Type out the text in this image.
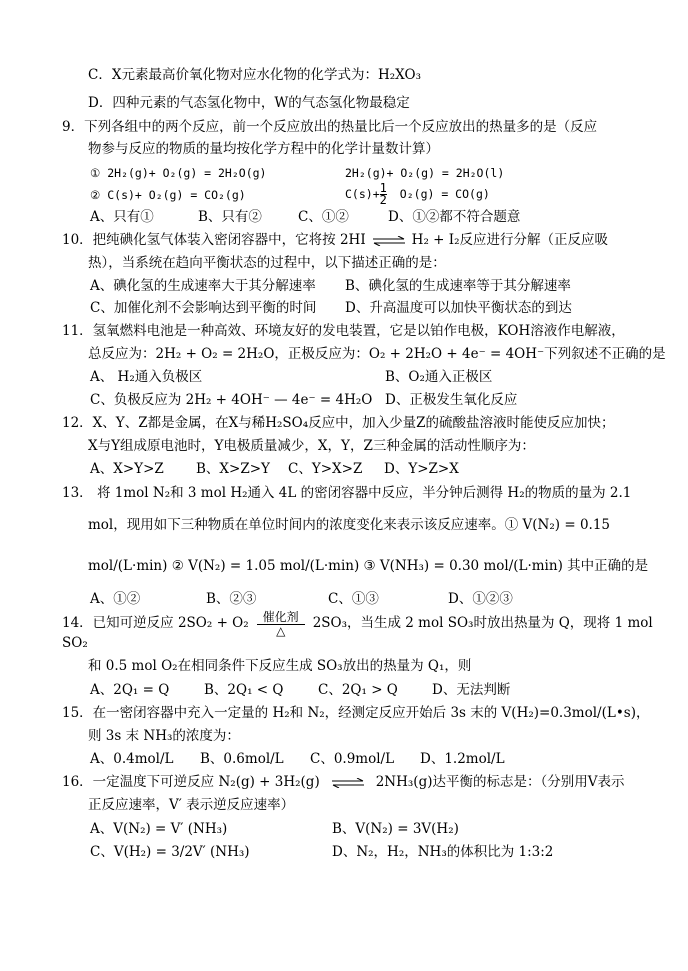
C．X元素最高价氧化物对应水化物的化学式为：H₂XO₃
D．四种元素的气态氢化物中，W的气态氢化物最稳定
9．下列各组中的两个反应，前一个反应放出的热量比后一个反应放出的热量多的是（反应
物参与反应的物质的量均按化学方程中的化学计量数计算）
① 2H₂(g)+ O₂(g) = 2H₂O(g)	2H₂(g)+ O₂(g) = 2H₂O(l)
② C(s)+ O₂(g) = CO₂(g)	$C(s)+ \frac{1}{2} O_2(g) = CO(g)$
A、只有①	B、只有②	C、①②	D、①②都不符合题意
10．把纯碘化氢气体装入密闭容器中，它将按 2HI ⇌ H₂ + I₂反应进行分解（正反应吸
热），当系统在趋向平衡状态的过程中，以下描述正确的是：
A、碘化氢的生成速率大于其分解速率 B、碘化氢的生成速率等于其分解速率
C、加催化剂不会影响达到平衡的时间 D、升高温度可以加快平衡状态的到达
11．氢氧燃料电池是一种高效、环境友好的发电装置，它是以铂作电极，KOH溶液作电解液，
总反应为：2H₂ + O₂ = 2H₂O，正极反应为：O₂ + 2H₂O + 4e⁻ = 4OH⁻下列叙述不正确的是
A、 H₂通入负极区	B、O₂通入正极区
C、负极反应为 2H₂ + 4OH⁻ — 4e⁻ = 4H₂O D、正极发生氧化反应
12．X、Y、Z都是金属，在X与稀H₂SO₄反应中，加入少量Z的硫酸盐溶液时能使反应加快；
X与Y组成原电池时，Y电极质量减少，X，Y，Z三种金属的活动性顺序为：
A、X>Y>Z B、X>Z>Y C、Y>X>Z D、Y>Z>X
13． 将 1mol N₂和 3 mol H₂通入 4L 的密闭容器中反应，半分钟后测得 H₂的物质的量为 2.1
mol，现用如下三种物质在单位时间内的浓度变化来表示该反应速率。① V(N₂) = 0.15
mol/(L·min) ② V(N₂) = 1.05 mol/(L·min) ③ V(NH₃) = 0.30 mol/(L·min) 其中正确的是
A、①②	B、②③	C、①③	D、①②③
14．已知可逆反应 2SO₂ + O₂	催化剂
△	2SO₃，当生成 2 mol SO₃时放出热量为 Q，现将 1 mol
SO₂
和 0.5 mol O₂在相同条件下反应生成 SO₃放出的热量为 Q₁，则
A、2Q₁ = Q	B、2Q₁ < Q	C、2Q₁ > Q	D、无法判断
15．在一密闭容器中充入一定量的 H₂和 N₂，经测定反应开始后 3s 末的 V(H₂)=0.3mol/(L•s)，
则 3s 末 NH₃的浓度为：
A、0.4mol/L B、0.6mol/L C、0.9mol/L D、1.2mol/L
16．一定温度下可逆反应 N₂(g) + 3H₂(g) ⇌ 2NH₃(g)达平衡的标志是：（分别用V表示
正反应速率，V′ 表示逆反应速率）
A、V(N₂) = V′ (NH₃)	B、V(N₂) = 3V(H₂)
C、V(H₂) = 3/2V′ (NH₃)	D、N₂，H₂，NH₃的体积比为 1:3:2
